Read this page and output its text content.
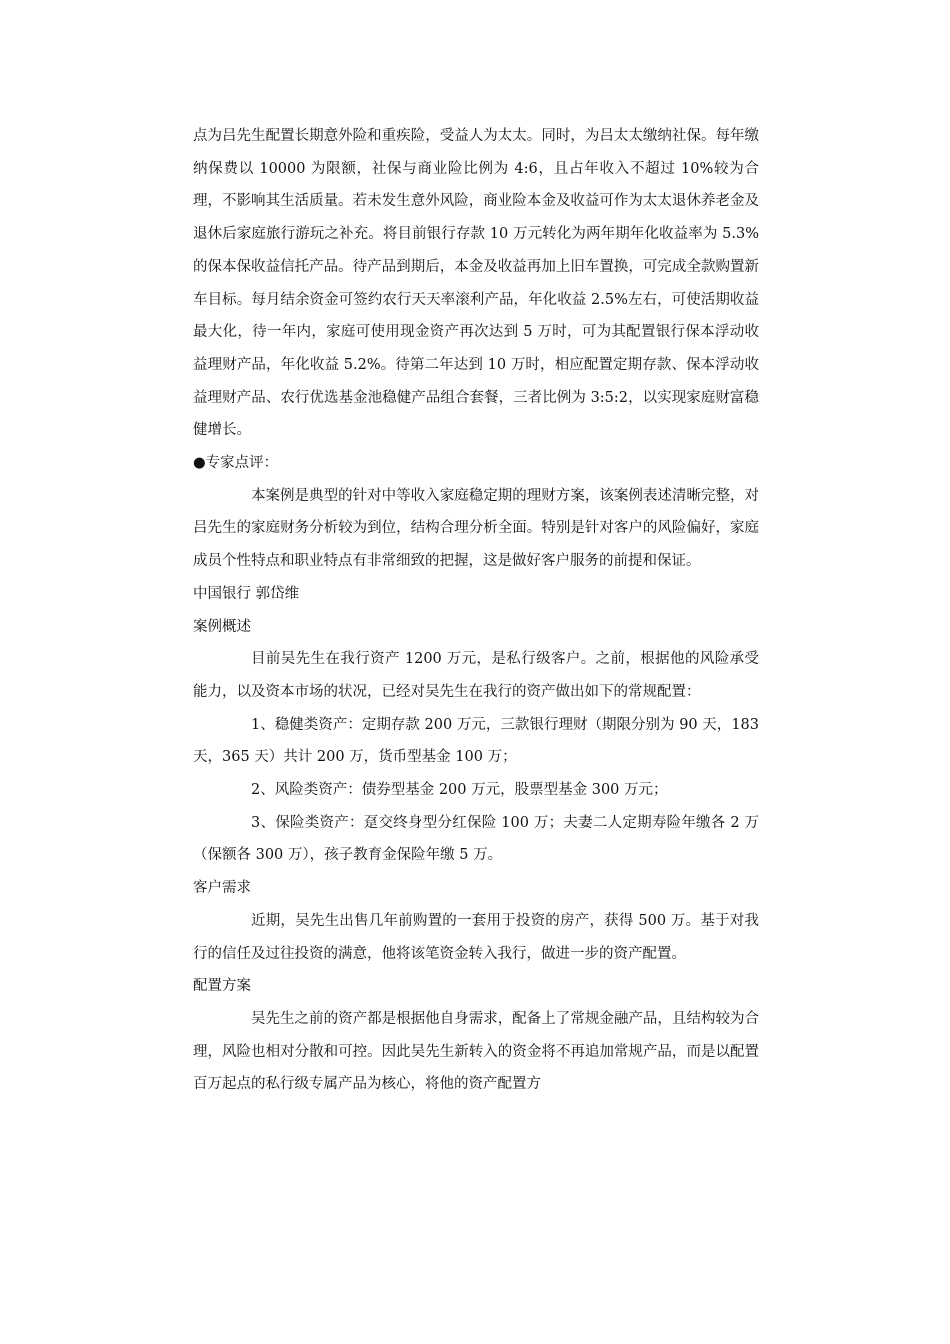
点为吕先生配置长期意外险和重疾险，受益人为太太。同时，为吕太太缴纳社保。每年缴纳保费以 10000 为限额，社保与商业险比例为 4:6，且占年收入不超过 10%较为合理，不影响其生活质量。若未发生意外风险，商业险本金及收益可作为太太退休养老金及退休后家庭旅行游玩之补充。将目前银行存款 10 万元转化为两年期年化收益率为 5.3%的保本保收益信托产品。待产品到期后，本金及收益再加上旧车置换，可完成全款购置新车目标。每月结余资金可签约农行天天率滚利产品，年化收益 2.5%左右，可使活期收益最大化，待一年内，家庭可使用现金资产再次达到 5 万时，可为其配置银行保本浮动收益理财产品，年化收益 5.2%。待第二年达到 10 万时，相应配置定期存款、保本浮动收益理财产品、农行优选基金池稳健产品组合套餐，三者比例为 3:5:2，以实现家庭财富稳健增长。

●专家点评：

本案例是典型的针对中等收入家庭稳定期的理财方案，该案例表述清晰完整，对吕先生的家庭财务分析较为到位，结构合理分析全面。特别是针对客户的风险偏好，家庭成员个性特点和职业特点有非常细致的把握，这是做好客户服务的前提和保证。

中国银行 郭岱维

案例概述

目前吴先生在我行资产 1200 万元，是私行级客户。之前，根据他的风险承受能力，以及资本市场的状况，已经对吴先生在我行的资产做出如下的常规配置：

1、稳健类资产：定期存款 200 万元，三款银行理财（期限分别为 90 天，183 天，365 天）共计 200 万，货币型基金 100 万；

2、风险类资产：债券型基金 200 万元，股票型基金 300 万元；

3、保险类资产：趸交终身型分红保险 100 万；夫妻二人定期寿险年缴各 2 万（保额各 300 万），孩子教育金保险年缴 5 万。

客户需求

近期，吴先生出售几年前购置的一套用于投资的房产，获得 500 万。基于对我行的信任及过往投资的满意，他将该笔资金转入我行，做进一步的资产配置。

配置方案

吴先生之前的资产都是根据他自身需求，配备上了常规金融产品，且结构较为合理，风险也相对分散和可控。因此吴先生新转入的资金将不再追加常规产品，而是以配置百万起点的私行级专属产品为核心，将他的资产配置方
